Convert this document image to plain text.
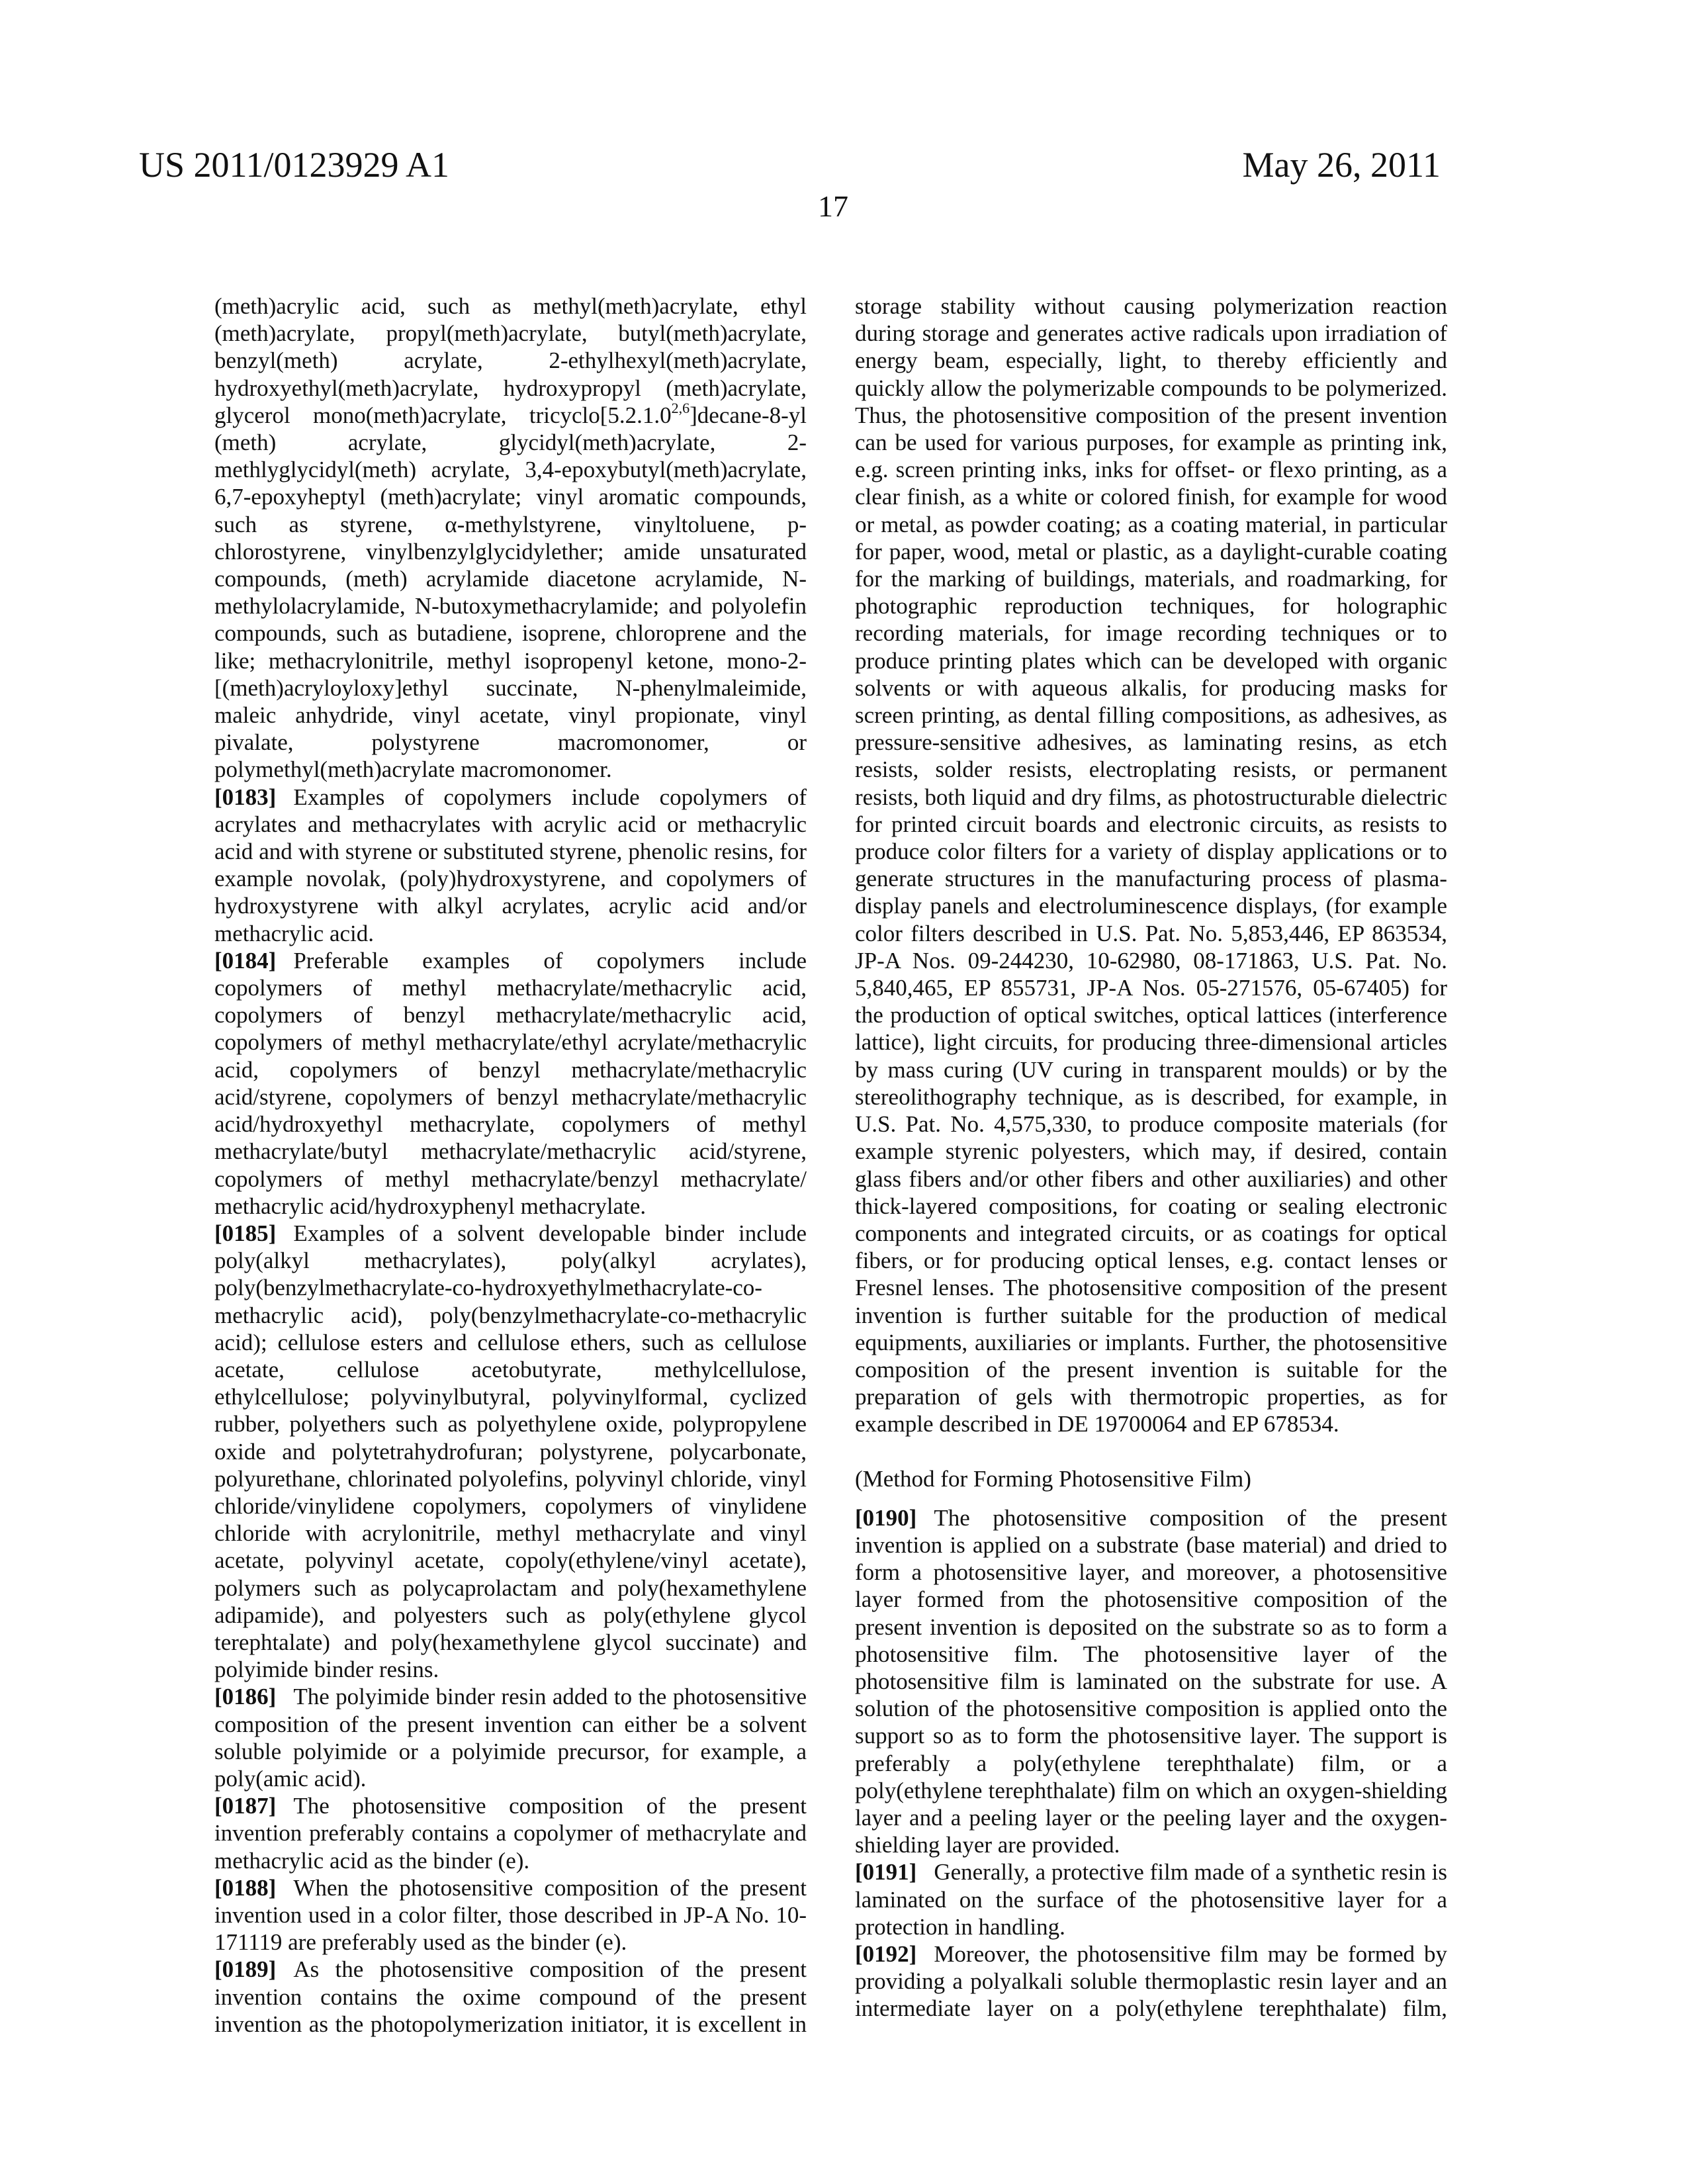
US 2011/0123929 A1	May 26, 2011
17

(meth)acrylic acid, such as methyl(meth)acrylate, ethyl (meth)acrylate, propyl(meth)acrylate, butyl(meth)acrylate, benzyl(meth) acrylate, 2-ethylhexyl(meth)acrylate, hydroxyethyl(meth)acrylate, hydroxypropyl (meth)acrylate, glycerol mono(meth)acrylate, tricyclo[5.2.1.02,6]decane-8-yl (meth) acrylate, glycidyl(meth)acrylate, 2-methlyglycidyl(meth) acrylate, 3,4-epoxybutyl(meth)acrylate, 6,7-epoxyheptyl (meth)acrylate; vinyl aromatic compounds, such as styrene, α-methylstyrene, vinyltoluene, p-chlorostyrene, vinylbenzylglycidylether; amide unsaturated compounds, (meth) acrylamide diacetone acrylamide, N-methylolacrylamide, N-butoxymethacrylamide; and polyolefin compounds, such as butadiene, isoprene, chloroprene and the like; methacrylonitrile, methyl isopropenyl ketone, mono-2-[(meth)acryloyloxy]ethyl succinate, N-phenylmaleimide, maleic anhydride, vinyl acetate, vinyl propionate, vinyl pivalate, polystyrene macromonomer, or polymethyl(meth)acrylate macromonomer.

[0183] Examples of copolymers include copolymers of acrylates and methacrylates with acrylic acid or methacrylic acid and with styrene or substituted styrene, phenolic resins, for example novolak, (poly)hydroxystyrene, and copolymers of hydroxystyrene with alkyl acrylates, acrylic acid and/or methacrylic acid.

[0184] Preferable examples of copolymers include copolymers of methyl methacrylate/methacrylic acid, copolymers of benzyl methacrylate/methacrylic acid, copolymers of methyl methacrylate/ethyl acrylate/methacrylic acid, copolymers of benzyl methacrylate/methacrylic acid/styrene, copolymers of benzyl methacrylate/methacrylic acid/hydroxyethyl methacrylate, copolymers of methyl methacrylate/butyl methacrylate/methacrylic acid/styrene, copolymers of methyl methacrylate/benzyl methacrylate/ methacrylic acid/hydroxyphenyl methacrylate.

[0185] Examples of a solvent developable binder include poly(alkyl methacrylates), poly(alkyl acrylates), poly(benzylmethacrylate-co-hydroxyethylmethacrylate-co-methacrylic acid), poly(benzylmethacrylate-co-methacrylic acid); cellulose esters and cellulose ethers, such as cellulose acetate, cellulose acetobutyrate, methylcellulose, ethylcellulose; polyvinylbutyral, polyvinylformal, cyclized rubber, polyethers such as polyethylene oxide, polypropylene oxide and polytetrahydrofuran; polystyrene, polycarbonate, polyurethane, chlorinated polyolefins, polyvinyl chloride, vinyl chloride/vinylidene copolymers, copolymers of vinylidene chloride with acrylonitrile, methyl methacrylate and vinyl acetate, polyvinyl acetate, copoly(ethylene/vinyl acetate), polymers such as polycaprolactam and poly(hexamethylene adipamide), and polyesters such as poly(ethylene glycol terephtalate) and poly(hexamethylene glycol succinate) and polyimide binder resins.

[0186] The polyimide binder resin added to the photosensitive composition of the present invention can either be a solvent soluble polyimide or a polyimide precursor, for example, a poly(amic acid).

[0187] The photosensitive composition of the present invention preferably contains a copolymer of methacrylate and methacrylic acid as the binder (e).

[0188] When the photosensitive composition of the present invention used in a color filter, those described in JP-A No. 10-171119 are preferably used as the binder (e).

[0189] As the photosensitive composition of the present invention contains the oxime compound of the present invention as the photopolymerization initiator, it is excellent in

storage stability without causing polymerization reaction during storage and generates active radicals upon irradiation of energy beam, especially, light, to thereby efficiently and quickly allow the polymerizable compounds to be polymerized. Thus, the photosensitive composition of the present invention can be used for various purposes, for example as printing ink, e.g. screen printing inks, inks for offset- or flexo printing, as a clear finish, as a white or colored finish, for example for wood or metal, as powder coating; as a coating material, in particular for paper, wood, metal or plastic, as a daylight-curable coating for the marking of buildings, materials, and roadmarking, for photographic reproduction techniques, for holographic recording materials, for image recording techniques or to produce printing plates which can be developed with organic solvents or with aqueous alkalis, for producing masks for screen printing, as dental filling compositions, as adhesives, as pressure-sensitive adhesives, as laminating resins, as etch resists, solder resists, electroplating resists, or permanent resists, both liquid and dry films, as photostructurable dielectric for printed circuit boards and electronic circuits, as resists to produce color filters for a variety of display applications or to generate structures in the manufacturing process of plasma-display panels and electroluminescence displays, (for example color filters described in U.S. Pat. No. 5,853,446, EP 863534, JP-A Nos. 09-244230, 10-62980, 08-171863, U.S. Pat. No. 5,840,465, EP 855731, JP-A Nos. 05-271576, 05-67405) for the production of optical switches, optical lattices (interference lattice), light circuits, for producing three-dimensional articles by mass curing (UV curing in transparent moulds) or by the stereolithography technique, as is described, for example, in U.S. Pat. No. 4,575,330, to produce composite materials (for example styrenic polyesters, which may, if desired, contain glass fibers and/or other fibers and other auxiliaries) and other thick-layered compositions, for coating or sealing electronic components and integrated circuits, or as coatings for optical fibers, or for producing optical lenses, e.g. contact lenses or Fresnel lenses. The photosensitive composition of the present invention is further suitable for the production of medical equipments, auxiliaries or implants. Further, the photosensitive composition of the present invention is suitable for the preparation of gels with thermotropic properties, as for example described in DE 19700064 and EP 678534.

(Method for Forming Photosensitive Film)

[0190] The photosensitive composition of the present invention is applied on a substrate (base material) and dried to form a photosensitive layer, and moreover, a photosensitive layer formed from the photosensitive composition of the present invention is deposited on the substrate so as to form a photosensitive film. The photosensitive layer of the photosensitive film is laminated on the substrate for use. A solution of the photosensitive composition is applied onto the support so as to form the photosensitive layer. The support is preferably a poly(ethylene terephthalate) film, or a poly(ethylene terephthalate) film on which an oxygen-shielding layer and a peeling layer or the peeling layer and the oxygen-shielding layer are provided.

[0191] Generally, a protective film made of a synthetic resin is laminated on the surface of the photosensitive layer for a protection in handling.

[0192] Moreover, the photosensitive film may be formed by providing a polyalkali soluble thermoplastic resin layer and an intermediate layer on a poly(ethylene terephthalate) film,
